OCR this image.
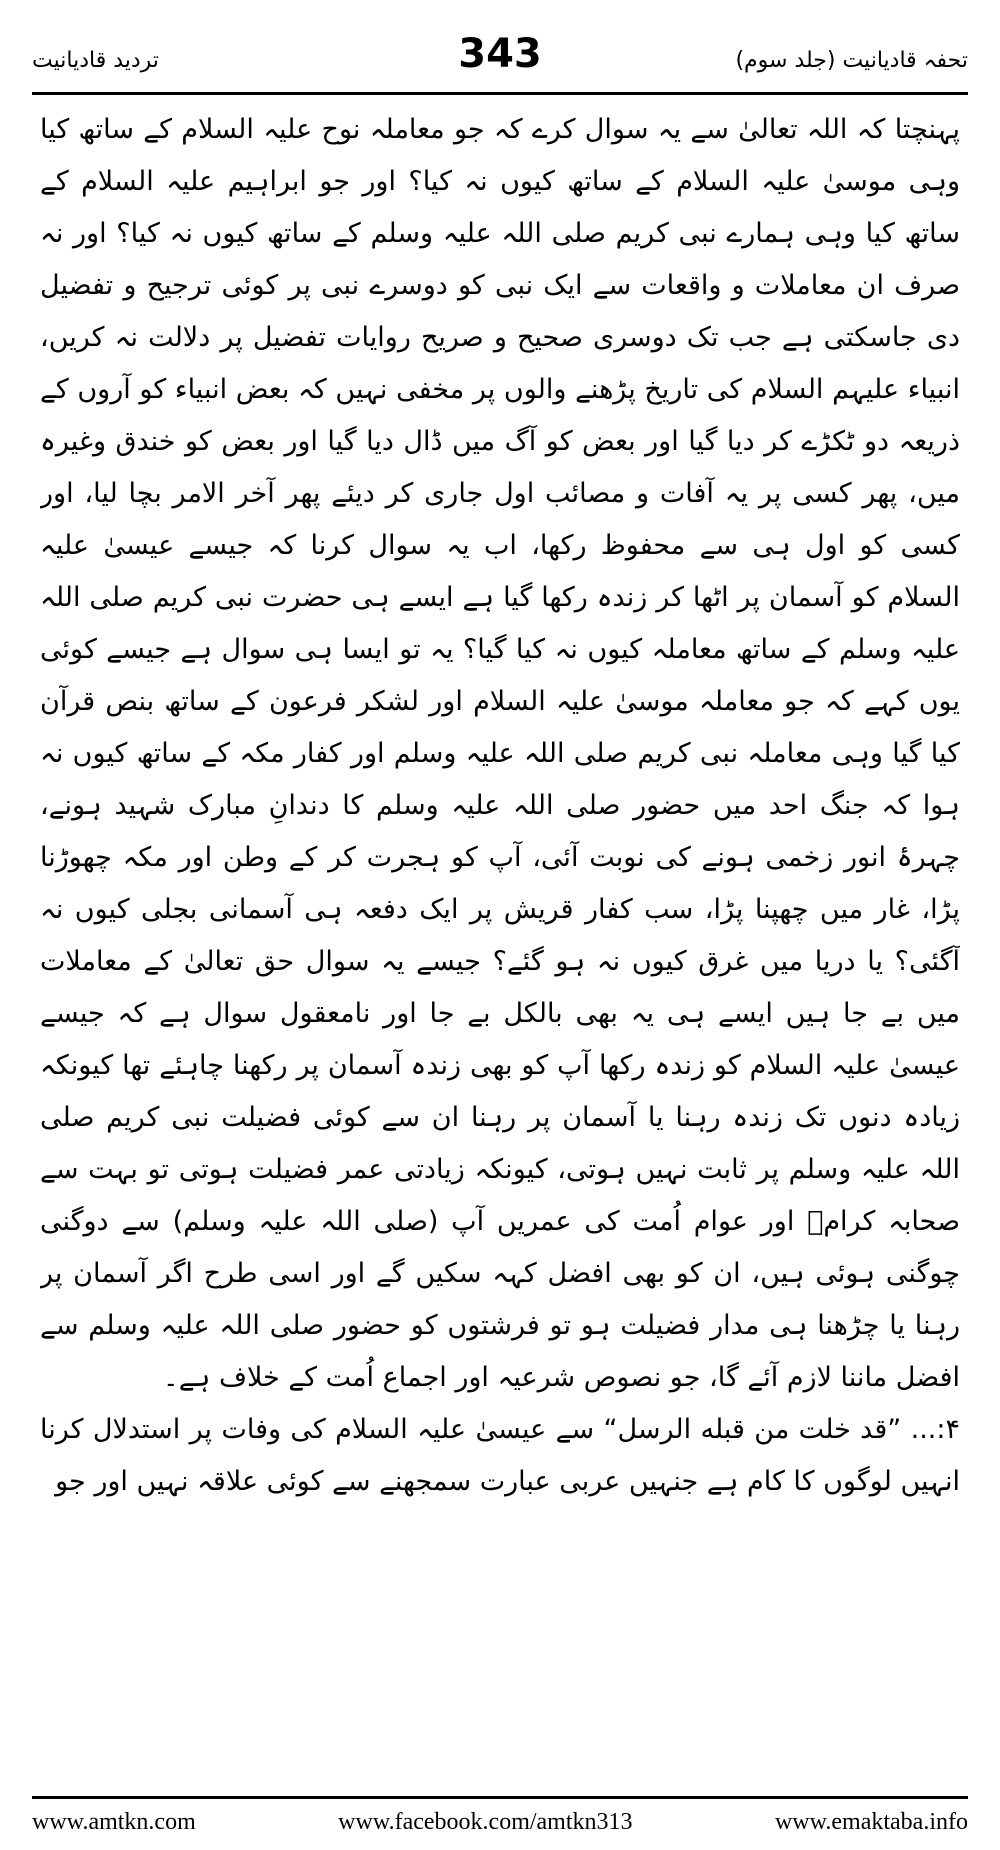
تردید قادیانیت	343	تحفہ قادیانیت (جلد سوم)

پہنچتا کہ اللہ تعالیٰ سے یہ سوال کرے کہ جو معاملہ نوح علیہ السلام کے ساتھ کیا وہی موسیٰ علیہ السلام کے ساتھ کیوں نہ کیا؟ اور جو ابراہیم علیہ السلام کے ساتھ کیا وہی ہمارے نبی کریم صلی اللہ علیہ وسلم کے ساتھ کیوں نہ کیا؟ اور نہ صرف ان معاملات و واقعات سے ایک نبی کو دوسرے نبی پر کوئی ترجیح و تفضیل دی جاسکتی ہے جب تک دوسری صحیح و صریح روایات تفضیل پر دلالت نہ کریں، انبیاء علیہم السلام کی تاریخ پڑھنے والوں پر مخفی نہیں کہ بعض انبیاء کو آروں کے ذریعہ دو ٹکڑے کر دیا گیا اور بعض کو آگ میں ڈال دیا گیا اور بعض کو خندق وغیرہ میں، پھر کسی پر یہ آفات و مصائب اول جاری کر دیئے پھر آخر الامر بچا لیا، اور کسی کو اول ہی سے محفوظ رکھا، اب یہ سوال کرنا کہ جیسے عیسیٰ علیہ السلام کو آسمان پر اٹھا کر زندہ رکھا گیا ہے ایسے ہی حضرت نبی کریم صلی اللہ علیہ وسلم کے ساتھ معاملہ کیوں نہ کیا گیا؟ یہ تو ایسا ہی سوال ہے جیسے کوئی یوں کہے کہ جو معاملہ موسیٰ علیہ السلام اور لشکر فرعون کے ساتھ بنص قرآن کیا گیا وہی معاملہ نبی کریم صلی اللہ علیہ وسلم اور کفار مکہ کے ساتھ کیوں نہ ہوا کہ جنگ احد میں حضور صلی اللہ علیہ وسلم کا دندانِ مبارک شہید ہونے، چہرۂ انور زخمی ہونے کی نوبت آئی، آپ کو ہجرت کر کے وطن اور مکہ چھوڑنا پڑا، غار میں چھپنا پڑا، سب کفار قریش پر ایک دفعہ ہی آسمانی بجلی کیوں نہ آگئی؟ یا دریا میں غرق کیوں نہ ہو گئے؟ جیسے یہ سوال حق تعالیٰ کے معاملات میں بے جا ہیں ایسے ہی یہ بھی بالکل بے جا اور نامعقول سوال ہے کہ جیسے عیسیٰ علیہ السلام کو زندہ رکھا آپ کو بھی زندہ آسمان پر رکھنا چاہئے تھا کیونکہ زیادہ دنوں تک زندہ رہنا یا آسمان پر رہنا ان سے کوئی فضیلت نبی کریم صلی اللہ علیہ وسلم پر ثابت نہیں ہوتی، کیونکہ زیادتی عمر فضیلت ہوتی تو بہت سے صحابہ کرامؓ اور عوام اُمت کی عمریں آپ (صلی اللہ علیہ وسلم) سے دوگنی چوگنی ہوئی ہیں، ان کو بھی افضل کہہ سکیں گے اور اسی طرح اگر آسمان پر رہنا یا چڑھنا ہی مدار فضیلت ہو تو فرشتوں کو حضور صلی اللہ علیہ وسلم سے افضل ماننا لازم آئے گا، جو نصوص شرعیہ اور اجماع اُمت کے خلاف ہے۔

۴:... ”قد خلت من قبله الرسل“ سے عیسیٰ علیہ السلام کی وفات پر استدلال کرنا انہیں لوگوں کا کام ہے جنہیں عربی عبارت سمجھنے سے کوئی علاقہ نہیں اور جو

www.amtkn.com	www.facebook.com/amtkn313	www.emaktaba.info
